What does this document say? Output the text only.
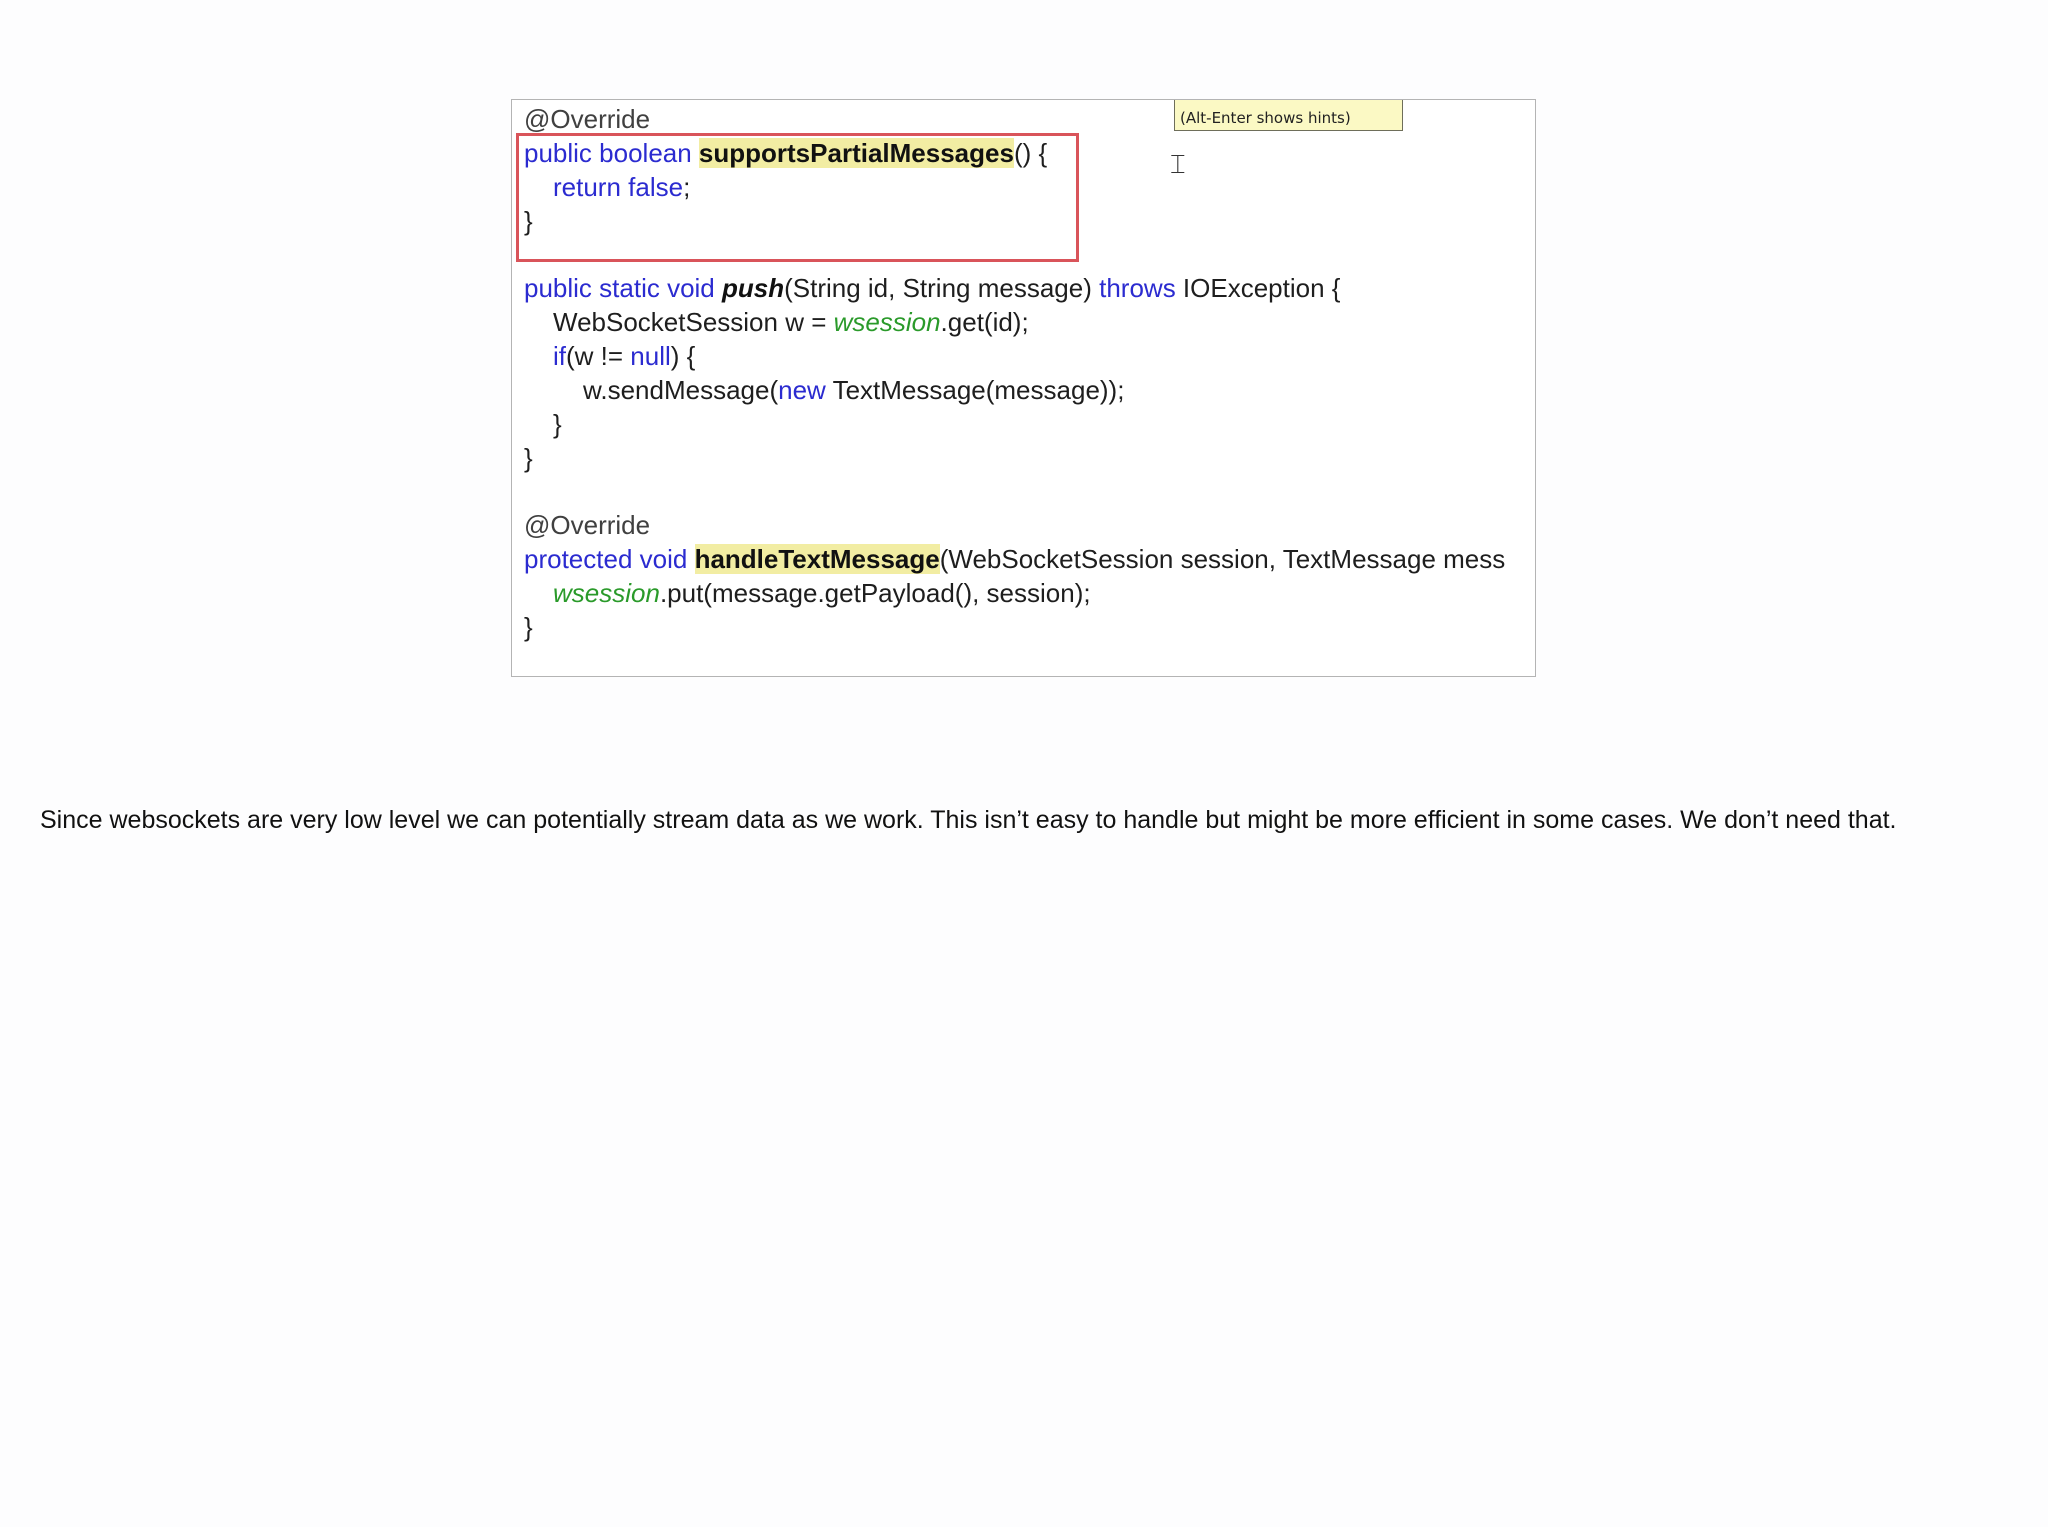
(Alt-Enter shows hints)
⌶
@Override
public boolean supportsPartialMessages() {
return false;
}
public static void push(String id, String message) throws IOException {
WebSocketSession w = wsession.get(id);
if(w != null) {
w.sendMessage(new TextMessage(message));
}
}
@Override
protected void handleTextMessage(WebSocketSession session, TextMessage mess
wsession.put(message.getPayload(), session);
}
Since websockets are very low level we can potentially stream data as we work. This isn’t easy to handle but might be more efficient in some cases. We don’t need that.
